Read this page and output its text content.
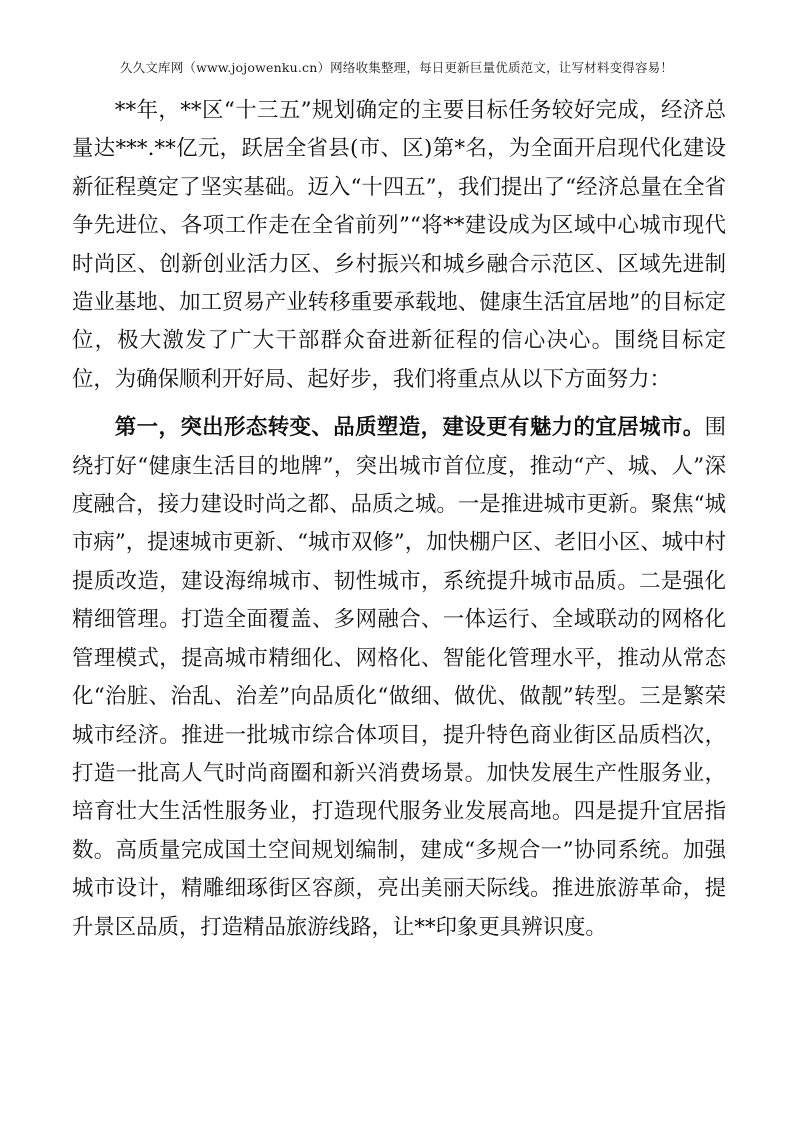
久久文库网（www.jojowenku.cn）网络收集整理，每日更新巨量优质范文，让写材料变得容易！

**年，**区“十三五”规划确定的主要目标任务较好完成，经济总量达***.**亿元，跃居全省县(市、区)第*名，为全面开启现代化建设新征程奠定了坚实基础。迈入“十四五”，我们提出了“经济总量在全省争先进位、各项工作走在全省前列”“将**建设成为区域中心城市现代时尚区、创新创业活力区、乡村振兴和城乡融合示范区、区域先进制造业基地、加工贸易产业转移重要承载地、健康生活宜居地”的目标定位，极大激发了广大干部群众奋进新征程的信心决心。围绕目标定位，为确保顺利开好局、起好步，我们将重点从以下方面努力：

第一，突出形态转变、品质塑造，建设更有魅力的宜居城市。围绕打好“健康生活目的地牌”，突出城市首位度，推动“产、城、人”深度融合，接力建设时尚之都、品质之城。一是推进城市更新。聚焦“城市病”，提速城市更新、“城市双修”，加快棚户区、老旧小区、城中村提质改造，建设海绵城市、韧性城市，系统提升城市品质。二是强化精细管理。打造全面覆盖、多网融合、一体运行、全域联动的网格化管理模式，提高城市精细化、网格化、智能化管理水平，推动从常态化“治脏、治乱、治差”向品质化“做细、做优、做靓”转型。三是繁荣城市经济。推进一批城市综合体项目，提升特色商业街区品质档次，打造一批高人气时尚商圈和新兴消费场景。加快发展生产性服务业，培育壮大生活性服务业，打造现代服务业发展高地。四是提升宜居指数。高质量完成国土空间规划编制，建成“多规合一”协同系统。加强城市设计，精雕细琢街区容颜，亮出美丽天际线。推进旅游革命，提升景区品质，打造精品旅游线路，让**印象更具辨识度。
